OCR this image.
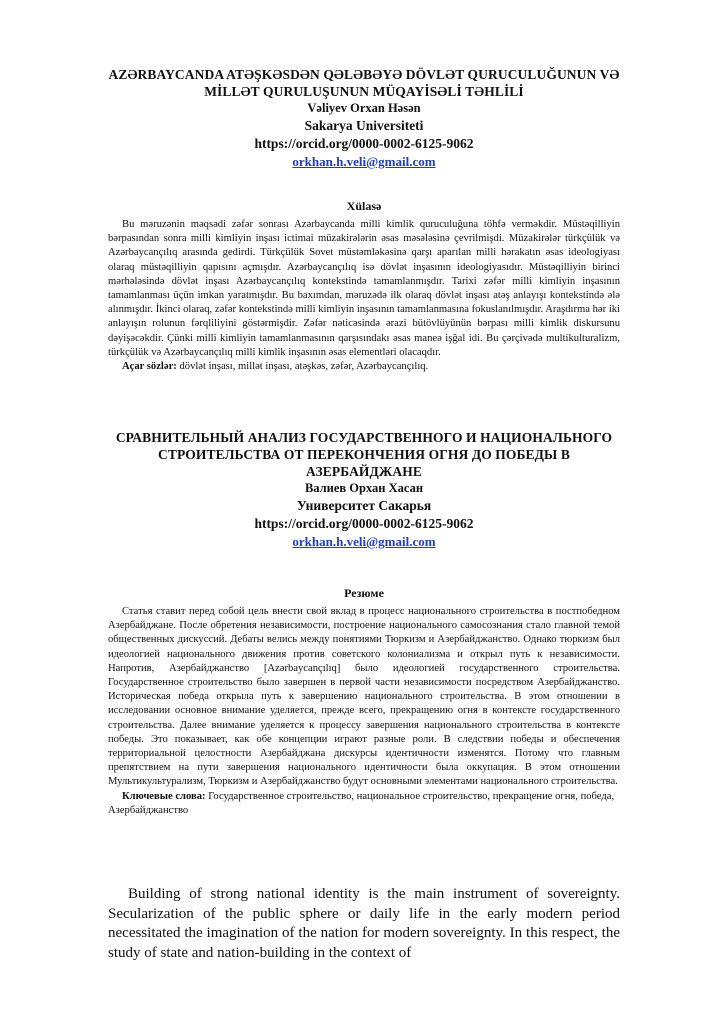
AZƏRBAYCANDA ATƏŞKƏSDƏN QƏLƏBƏYƏ DÖVLƏT QURUCULUĞUNUN VƏ
MİLLƏT QURULUŞUNUN MÜQAYİSƏLİ TƏHLİLİ
Vəliyev Orxan Həsən
Sakarya Universiteti
https://orcid.org/0000-0002-6125-9062
orkhan.h.veli@gmail.com
Xülasə
Bu məruzənin məqsədi zəfər sonrası Azərbaycanda milli kimlik quruculuğuna töhfə verməkdir. Müstəqilliyin bərpasından sonra milli kimliyin inşası ictimai müzakirələrin əsas məsələsinə çevrilmişdi. Müzakirələr türkçülük və Azərbaycançılıq arasında gedirdi. Türkçülük Sovet müstəmləkəsinə qarşı aparılan milli hərakatın əsas ideologiyası olaraq müstəqilliyin qapısını açmışdır. Azərbaycançılıq isə dövlət inşasının ideologiyasıdır. Müstəqilliyin birinci mərhələsində dövlət inşası Azərbaycançılıq kontekstində tamamlanmışdır. Tarixi zəfər milli kimliyin inşasının tamamlanması üçün imkan yaratmışdır. Bu baxımdan, məruzədə ilk olaraq dövlət inşası atəş anlayışı kontekstində ələ alınmışdır. İkinci olaraq, zəfər kontekstində milli kimliyin inşasının tamamlanmasına fokuslanılmışdır. Araşdırma hər iki anlayışın rolunun fərqliliyini göstərmişdir. Zəfər nəticəsində ərazi bütövlüyünün bərpası milli kimlik diskursunu dəyişəcəkdir. Çünki milli kimliyin tamamlanmasının qarşısındakı əsas maneə işğal idi. Bu çərçivədə multikulturalizm, türkçülük və Azərbaycançılıq milli kimlik inşasının əsas elementləri olacaqdır.
Açar sözlər: dövlət inşası, millət inşası, atəşkəs, zəfər, Azərbaycançılıq.
СРАВНИТЕЛЬНЫЙ АНАЛИЗ ГОСУДАРСТВЕННОГО И НАЦИОНАЛЬНОГО
СТРОИТЕЛЬСТВА ОТ ПЕРЕКОНЧЕНИЯ ОГНЯ ДО ПОБЕДЫ В
АЗЕРБАЙДЖАНЕ
Валиев Орхан Хасан
Университет Сакарья
https://orcid.org/0000-0002-6125-9062
orkhan.h.veli@gmail.com
Резюме
Статья ставит перед собой цель внести свой вклад в процесс национального строительства в постпобедном Азербайджане. После обретения независимости, построение национального самосознания стало главной темой общественных дискуссий. Дебаты велись между понятиями Тюркизм и Азербайджанство. Однако тюркизм был идеологией национального движения против советского колониализма и открыл путь к независимости. Напротив, Азербайджанство [Azərbaycançılıq] было идеологией государственного строительства. Государственное строительство было завершен в первой части независимости посредством Азербайджанство. Историческая победа открыла путь к завершению национального строительства. В этом отношении в исследовании основное внимание уделяется, прежде всего, прекращению огня в контексте государственного строительства. Далее внимание уделяется к процессу завершения национального строительства в контексте победы. Это показывает, как обе концепции играют разные роли. В следствии победы и обеспечения территориальной целостности Азербайджана дискурсы идентичности изменятся. Потому что главным препятствием на пути завершения национального идентичности была оккупация. В этом отношении Мультикультурализм, Тюркизм и Азербайджанство будут основными элементами национального строительства.
Ключевые слова: Государственное строительство, национальное строительство, прекращение огня, победа, Азербайджанство
Building of strong national identity is the main instrument of sovereignty. Secularization of the public sphere or daily life in the early modern period necessitated the imagination of the nation for modern sovereignty. In this respect, the study of state and nation-building in the context of
